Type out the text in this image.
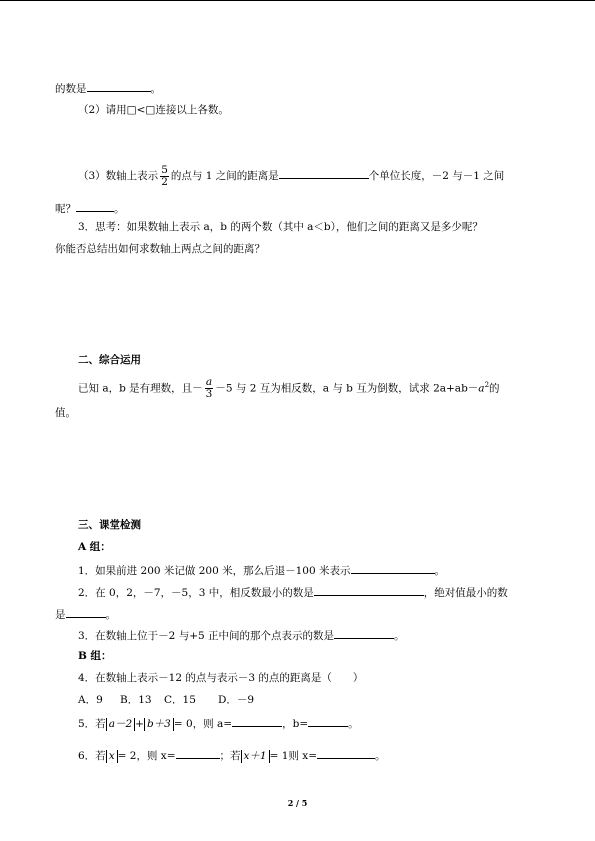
的数是	。
（2）请用□<□连接以上各数。
（3）数轴上表示 $\frac{5}{2}$ 的点与 1 之间的距离是	个单位长度，－2 与－1 之间
呢？	。
3．思考：如果数轴上表示 a，b 的两个数（其中 a＜b），他们之间的距离又是多少呢？
你能否总结出如何求数轴上两点之间的距离？
二、综合运用
已知 a，b 是有理数，且－ $\frac{a}{3} -5$ 与 2 互为相反数，a 与 b 互为倒数，试求 $2a+ab-a^2$的
值。
三、课堂检测
A 组：
1．如果前进 200 米记做 200 米，那么后退－100 米表示	。
2．在 0，2，－7，－5，3 中，相反数最小的数是	，绝对值最小的数
是	。
3．在数轴上位于－2 与+5 正中间的那个点表示的数是	。
B 组：
4．在数轴上表示－12 的点与表示－3 的点的距离是（　　）
A．9 B．13 C．15 D．－9
5．若 a－2 + b＋3 = 0，则 a=	，b=	。
6．若 x = 2，则 x=	；若 x＋1 = 1则 x=	。
2 / 5
